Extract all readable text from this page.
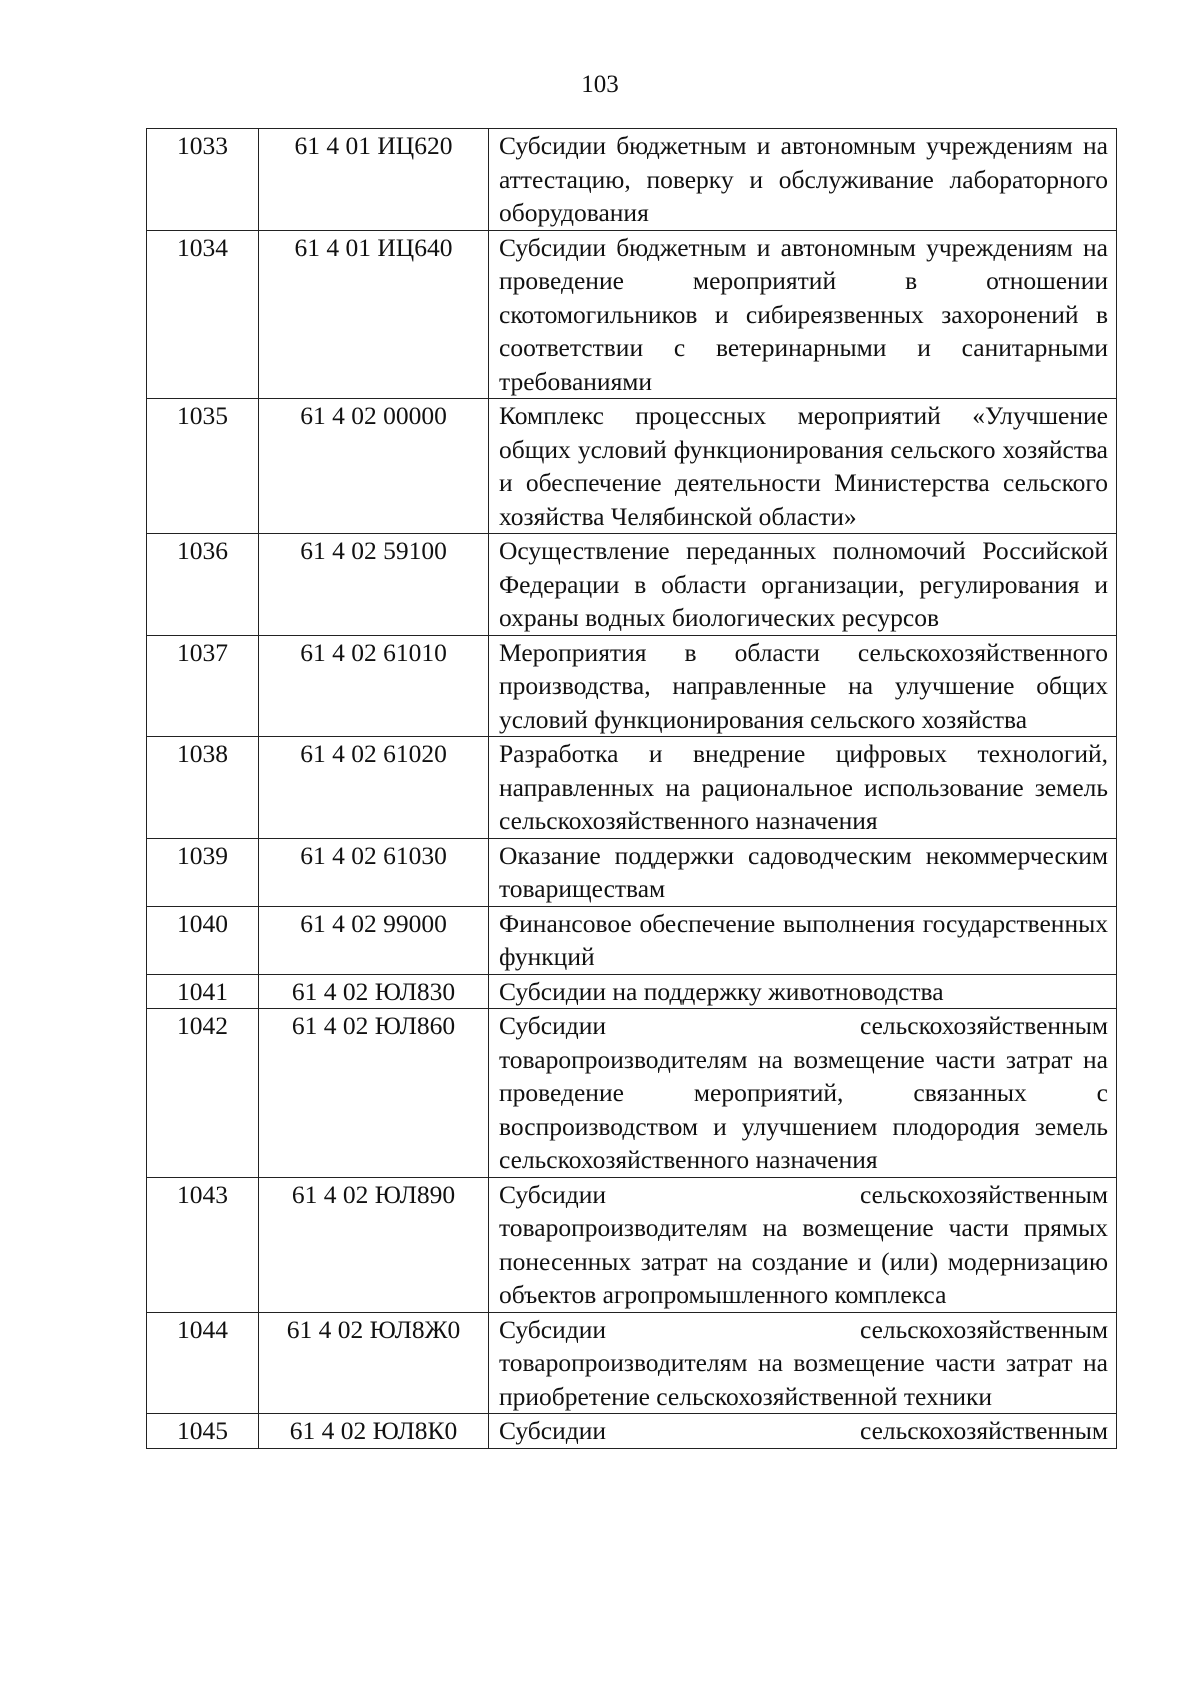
103
1033	61 4 01 ИЦ620	Субсидии бюджетным и автономным учреждениям на аттестацию, поверку и обслуживание лабораторного оборудования
1034	61 4 01 ИЦ640	Субсидии бюджетным и автономным учреждениям на проведение мероприятий в отношении скотомогильников и сибиреязвенных захоронений в соответствии с ветеринарными и санитарными требованиями
1035	61 4 02 00000	Комплекс процессных мероприятий «Улучшение общих условий функционирования сельского хозяйства и обеспечение деятельности Министерства сельского хозяйства Челябинской области»
1036	61 4 02 59100	Осуществление переданных полномочий Российской Федерации в области организации, регулирования и охраны водных биологических ресурсов
1037	61 4 02 61010	Мероприятия в области сельскохозяйственного производства, направленные на улучшение общих условий функционирования сельского хозяйства
1038	61 4 02 61020	Разработка и внедрение цифровых технологий, направленных на рациональное использование земель сельскохозяйственного назначения
1039	61 4 02 61030	Оказание поддержки садоводческим некоммерческим товариществам
1040	61 4 02 99000	Финансовое обеспечение выполнения государственных функций
1041	61 4 02 ЮЛ830	Субсидии на поддержку животноводства
1042	61 4 02 ЮЛ860	Субсидии сельскохозяйственным товаропроизводителям на возмещение части затрат на проведение мероприятий, связанных с воспроизводством и улучшением плодородия земель сельскохозяйственного назначения
1043	61 4 02 ЮЛ890	Субсидии сельскохозяйственным товаропроизводителям на возмещение части прямых понесенных затрат на создание и (или) модернизацию объектов агропромышленного комплекса
1044	61 4 02 ЮЛ8Ж0	Субсидии сельскохозяйственным товаропроизводителям на возмещение части затрат на приобретение сельскохозяйственной техники
1045	61 4 02 ЮЛ8К0	Субсидии сельскохозяйственным
